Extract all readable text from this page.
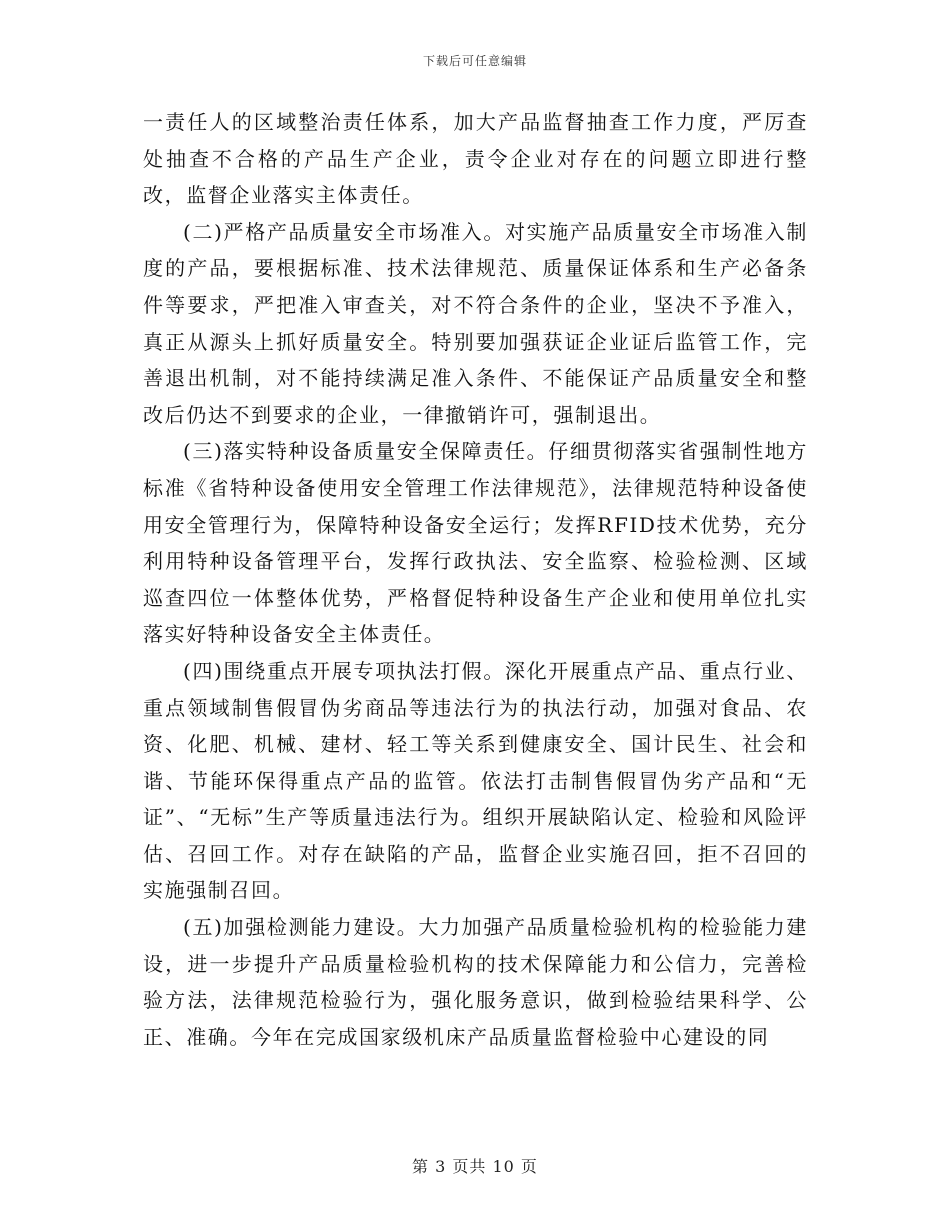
下载后可任意编辑

一责任人的区域整治责任体系，加大产品监督抽查工作力度，严厉查处抽查不合格的产品生产企业，责令企业对存在的问题立即进行整改，监督企业落实主体责任。

(二)严格产品质量安全市场准入。对实施产品质量安全市场准入制度的产品，要根据标准、技术法律规范、质量保证体系和生产必备条件等要求，严把准入审查关，对不符合条件的企业，坚决不予准入，真正从源头上抓好质量安全。特别要加强获证企业证后监管工作，完善退出机制，对不能持续满足准入条件、不能保证产品质量安全和整改后仍达不到要求的企业，一律撤销许可，强制退出。

(三)落实特种设备质量安全保障责任。仔细贯彻落实省强制性地方标准《省特种设备使用安全管理工作法律规范》，法律规范特种设备使用安全管理行为，保障特种设备安全运行；发挥RFID技术优势，充分利用特种设备管理平台，发挥行政执法、安全监察、检验检测、区域巡查四位一体整体优势，严格督促特种设备生产企业和使用单位扎实落实好特种设备安全主体责任。

(四)围绕重点开展专项执法打假。深化开展重点产品、重点行业、重点领域制售假冒伪劣商品等违法行为的执法行动，加强对食品、农资、化肥、机械、建材、轻工等关系到健康安全、国计民生、社会和谐、节能环保得重点产品的监管。依法打击制售假冒伪劣产品和“无证”、“无标”生产等质量违法行为。组织开展缺陷认定、检验和风险评估、召回工作。对存在缺陷的产品，监督企业实施召回，拒不召回的实施强制召回。

(五)加强检测能力建设。大力加强产品质量检验机构的检验能力建设，进一步提升产品质量检验机构的技术保障能力和公信力，完善检验方法，法律规范检验行为，强化服务意识，做到检验结果科学、公正、准确。今年在完成国家级机床产品质量监督检验中心建设的同

第 3 页共 10 页
